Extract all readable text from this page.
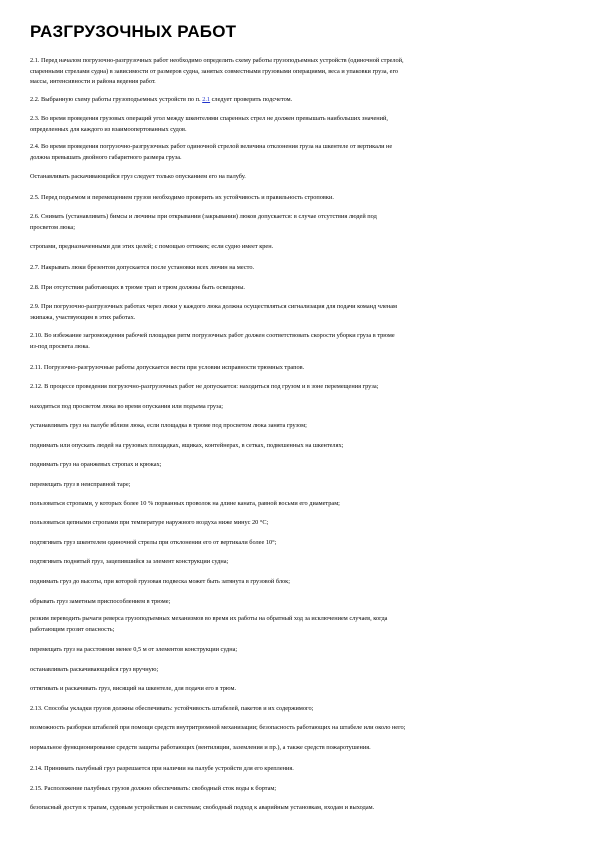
РАЗГРУЗОЧНЫХ РАБОТ

2.1. Перед началом погрузочно-разгрузочных работ необходимо определить схему работы грузоподъемных устройств (одиночной стрелой,
спаренными стрелами судна) в зависимости от размеров судна, занятых совместными грузовыми операциями, веса и упаковки груза, его
массы, интенсивности и района ведения работ.

2.2. Выбранную схему работы грузоподъемных устройств по п. 2.1 следует проверить подсчетом.

2.3. Во время проведения грузовых операций угол между шкентелями спаренных стрел не должен превышать наибольших значений,
определенных для каждого из взаимоопертованных судов.

2.4. Во время проведения погрузочно-разгрузочных работ одиночной стрелой величина отклонения груза на шкентеле от вертикали не
должна превышать двойного габаритного размера груза.

Останавливать раскачивающийся груз следует только опусканием его на палубу.

2.5. Перед подъемом и перемещением грузов необходимо проверить их устойчивость и правильность строповки.

2.6. Снимать (устанавливать) бимсы и лючины при открывании (закрывании) люков допускается: в случае отсутствия людей под
просветом люка;

стропами, предназначенными для этих целей; с помощью оттяжек; если судно имеет крен.

2.7. Накрывать люки брезентом допускается после установки всех лючин на место.

2.8. При отсутствии работающих в трюме трап и трюм должны быть освещены.

2.9. При погрузочно-разгрузочных работах через люки у каждого люка должна осуществляться сигнализация для подачи команд членам
экипажа, участвующим в этих работах.

2.10. Во избежание загромождения рабочей площадки ритм погрузочных работ должен соответствовать скорости уборки груза в трюме
из-под просвета люка.

2.11. Погрузочно-разгрузочные работы допускается вести при условии исправности трюмных трапов.

2.12. В процессе проведения погрузочно-разгрузочных работ не допускается: находиться под грузом и в зоне перемещения груза;

находиться под просветом люка во время опускания или подъема груза;

устанавливать груз на палубе вблизи люка, если площадка в трюме под просветом люка занята грузом;

поднимать или опускать людей на грузовых площадках, ящиках, контейнерах, в сетках, подвешенных на шкентелях;

поднимать груз на оранжевых стропах и крюках;

перемещать груз в неисправной таре;

пользоваться стропами, у которых более 10 % порванных проволок на длине каната, равной восьми его диаметрам;

пользоваться цепными стропами при температуре наружного воздуха ниже минус 20 °С;

подтягивать груз шкентелем одиночной стрелы при отклонении его от вертикали более 10°;

подтягивать поднятый груз, зацепившийся за элемент конструкции судна;

поднимать груз до высоты, при которой грузовая подвеска может быть затянута в грузовой блок;

обрывать груз заметным приспособлением в трюме;

резким переводить рычаги реверса грузоподъемных механизмов во время их работы на обратный ход за исключением случаев, когда
работающим грозит опасность;

перемещать груз на расстоянии менее 0,5 м от элементов конструкции судна;

останавливать раскачивающийся груз вручную;

оттягивать и раскачивать груз, висящий на шкентеле, для подачи его в трюм.

2.13. Способы укладки грузов должны обеспечивать: устойчивость штабелей, пакетов и их содержимого;

возможность разборки штабелей при помощи средств внутритрюмной механизации; безопасность работающих на штабеле или около него;

нормальное функционирование средств защиты работающих (вентиляции, заземления и пр.), а также средств пожаротушения.

2.14. Принимать палубный груз разрешается при наличии на палубе устройств для его крепления.

2.15. Расположение палубных грузов должно обеспечивать: свободный сток воды к бортам;

безопасный доступ к трапам, судовым устройствам и системам; свободный подход к аварийным установкам, входам и выходам.
